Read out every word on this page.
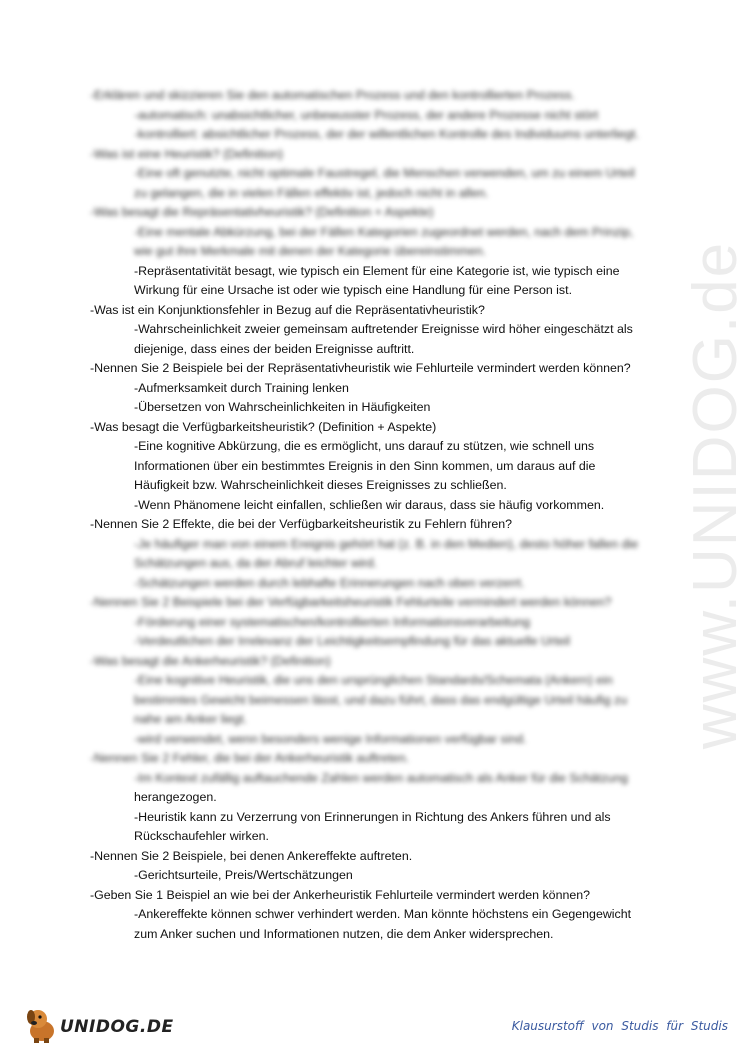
www.UNIDOG.de
-Erklären und skizzieren Sie den automatischen Prozess und den kontrollierten Prozess.
-automatisch: unabsichtlicher, unbewusster Prozess, der andere Prozesse nicht stört
-kontrolliert: absichtlicher Prozess, der der willentlichen Kontrolle des Individuums unterliegt.
-Was ist eine Heuristik? (Definition)
-Eine oft genutzte, nicht optimale Faustregel, die Menschen verwenden, um zu einem Urteil
zu gelangen, die in vielen Fällen effektiv ist, jedoch nicht in allen.
-Was besagt die Repräsentativheuristik? (Definition + Aspekte)
-Eine mentale Abkürzung, bei der Fällen Kategorien zugeordnet werden, nach dem Prinzip,
wie gut ihre Merkmale mit denen der Kategorie übereinstimmen.
-Repräsentativität besagt, wie typisch ein Element für eine Kategorie ist, wie typisch eine
Wirkung für eine Ursache ist oder wie typisch eine Handlung für eine Person ist.
-Was ist ein Konjunktionsfehler in Bezug auf die Repräsentativheuristik?
-Wahrscheinlichkeit zweier gemeinsam auftretender Ereignisse wird höher eingeschätzt als
diejenige, dass eines der beiden Ereignisse auftritt.
-Nennen Sie 2 Beispiele bei der Repräsentativheuristik wie Fehlurteile vermindert werden können?
-Aufmerksamkeit durch Training lenken
-Übersetzen von Wahrscheinlichkeiten in Häufigkeiten
-Was besagt die Verfügbarkeitsheuristik? (Definition + Aspekte)
-Eine kognitive Abkürzung, die es ermöglicht, uns darauf zu stützen, wie schnell uns
Informationen über ein bestimmtes Ereignis in den Sinn kommen, um daraus auf die
Häufigkeit bzw. Wahrscheinlichkeit dieses Ereignisses zu schließen.
-Wenn Phänomene leicht einfallen, schließen wir daraus, dass sie häufig vorkommen.
-Nennen Sie 2 Effekte, die bei der Verfügbarkeitsheuristik zu Fehlern führen?
-Je häufiger man von einem Ereignis gehört hat (z. B. in den Medien), desto höher fallen die
Schätzungen aus, da der Abruf leichter wird.
-Schätzungen werden durch lebhafte Erinnerungen nach oben verzerrt.
-Nennen Sie 2 Beispiele bei der Verfügbarkeitsheuristik Fehlurteile vermindert werden können?
-Förderung einer systematischen/kontrollierten Informationsverarbeitung
-Verdeutlichen der Irrelevanz der Leichtigkeitsempfindung für das aktuelle Urteil
-Was besagt die Ankerheuristik? (Definition)
-Eine kognitive Heuristik, die uns den ursprünglichen Standards/Schemata (Ankern) ein
bestimmtes Gewicht beimessen lässt, und dazu führt, dass das endgültige Urteil häufig zu
nahe am Anker liegt.
-wird verwendet, wenn besonders wenige Informationen verfügbar sind.
-Nennen Sie 2 Fehler, die bei der Ankerheuristik auftreten.
-Im Kontext zufällig auftauchende Zahlen werden automatisch als Anker für die Schätzung
herangezogen.
-Heuristik kann zu Verzerrung von Erinnerungen in Richtung des Ankers führen und als
Rückschaufehler wirken.
-Nennen Sie 2 Beispiele, bei denen Ankereffekte auftreten.
-Gerichtsurteile, Preis/Wertschätzungen
-Geben Sie 1 Beispiel an wie bei der Ankerheuristik Fehlurteile vermindert werden können?
-Ankereffekte können schwer verhindert werden. Man könnte höchstens ein Gegengewicht
zum Anker suchen und Informationen nutzen, die dem Anker widersprechen.
UNIDOG.DE	Klausurstoff von Studis für Studis
